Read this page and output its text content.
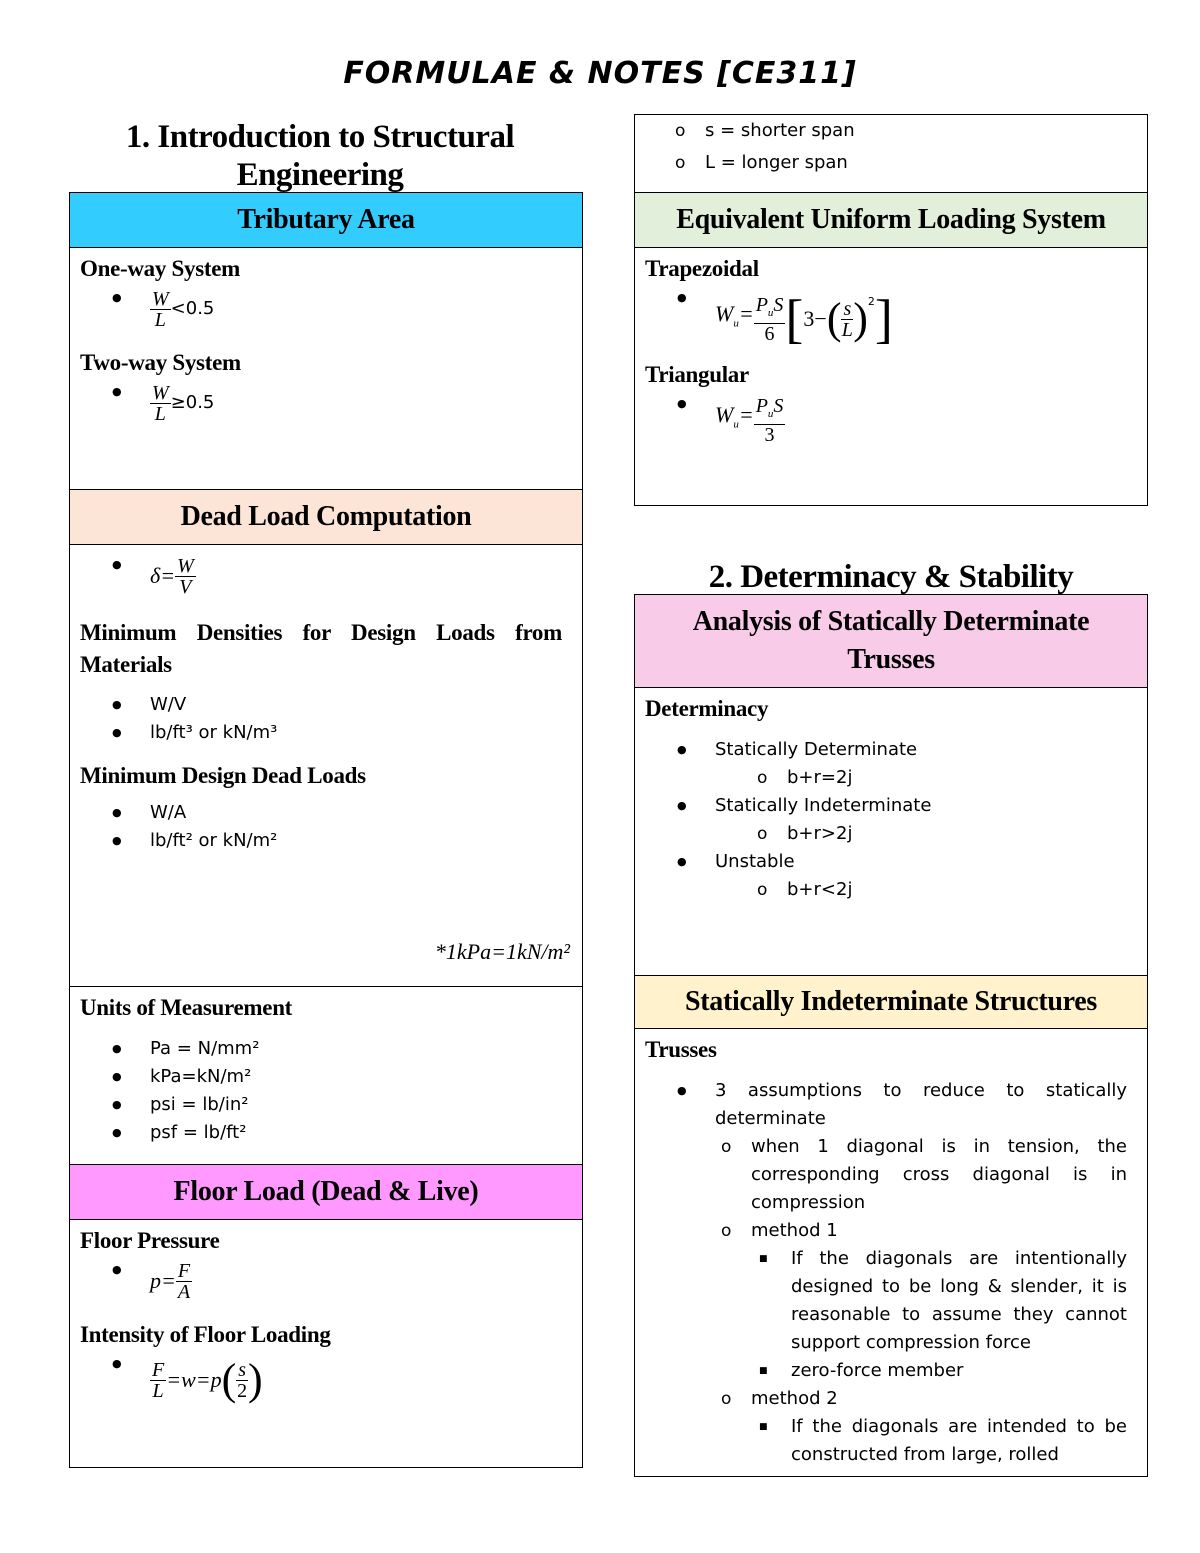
FORMULAE & NOTES [CE311]
1. Introduction to Structural Engineering
Tributary Area
One-way System
● $\frac{W}{L} <0.5$
Two-way System
● $\frac{W}{L} \ge 0.5$
Dead Load Computation
● $\delta= \frac{W}{V}$
Minimum Densities for Design Loads from Materials
● W/V
● lb/ft³ or kN/m³
Minimum Design Dead Loads
● W/A
● lb/ft² or kN/m²
*1kPa=1kN/m²
Units of Measurement
● Pa = N/mm²
● kPa=kN/m²
● psi = lb/in²
● psf = lb/ft²
Floor Load (Dead & Live)
Floor Pressure
● $p= \frac{F}{A}$
Intensity of Floor Loading
● $\frac{F}{L} =w=p$ ( $\frac{s}{2}$ )
o s = shorter span
o L = longer span
Equivalent Uniform Loading System
Trapezoidal
● $W_u= \frac{P_uS}{6}$ [ 3 − ( $\frac{s}{L} )^2$ ]
Triangular
● $W_u= \frac{P_uS}{3}$
2. Determinacy & Stability
Analysis of Statically Determinate Trusses
Determinacy
● Statically Determinate
o b+r=2j
● Statically Indeterminate
o b+r>2j
● Unstable
o b+r<2j
Statically Indeterminate Structures
Trusses
● 3 assumptions to reduce to statically determinate
o when 1 diagonal is in tension, the corresponding cross diagonal is in compression
o method 1
■ If the diagonals are intentionally designed to be long & slender, it is reasonable to assume they cannot support compression force
■ zero-force member
o method 2
■ If the diagonals are intended to be constructed from large, rolled
